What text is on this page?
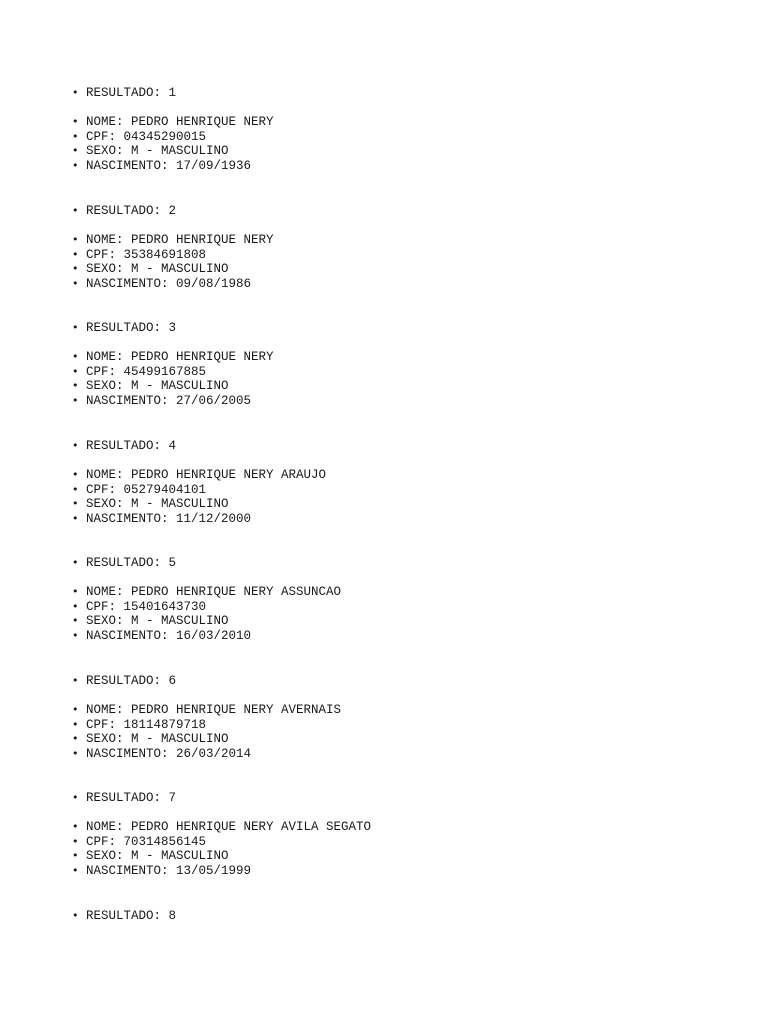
• RESULTADO: 1
• NOME: PEDRO HENRIQUE NERY
• CPF: 04345290015
• SEXO: M - MASCULINO
• NASCIMENTO: 17/09/1936
• RESULTADO: 2
• NOME: PEDRO HENRIQUE NERY
• CPF: 35384691808
• SEXO: M - MASCULINO
• NASCIMENTO: 09/08/1986
• RESULTADO: 3
• NOME: PEDRO HENRIQUE NERY
• CPF: 45499167885
• SEXO: M - MASCULINO
• NASCIMENTO: 27/06/2005
• RESULTADO: 4
• NOME: PEDRO HENRIQUE NERY ARAUJO
• CPF: 05279404101
• SEXO: M - MASCULINO
• NASCIMENTO: 11/12/2000
• RESULTADO: 5
• NOME: PEDRO HENRIQUE NERY ASSUNCAO
• CPF: 15401643730
• SEXO: M - MASCULINO
• NASCIMENTO: 16/03/2010
• RESULTADO: 6
• NOME: PEDRO HENRIQUE NERY AVERNAIS
• CPF: 18114879718
• SEXO: M - MASCULINO
• NASCIMENTO: 26/03/2014
• RESULTADO: 7
• NOME: PEDRO HENRIQUE NERY AVILA SEGATO
• CPF: 70314856145
• SEXO: M - MASCULINO
• NASCIMENTO: 13/05/1999
• RESULTADO: 8
